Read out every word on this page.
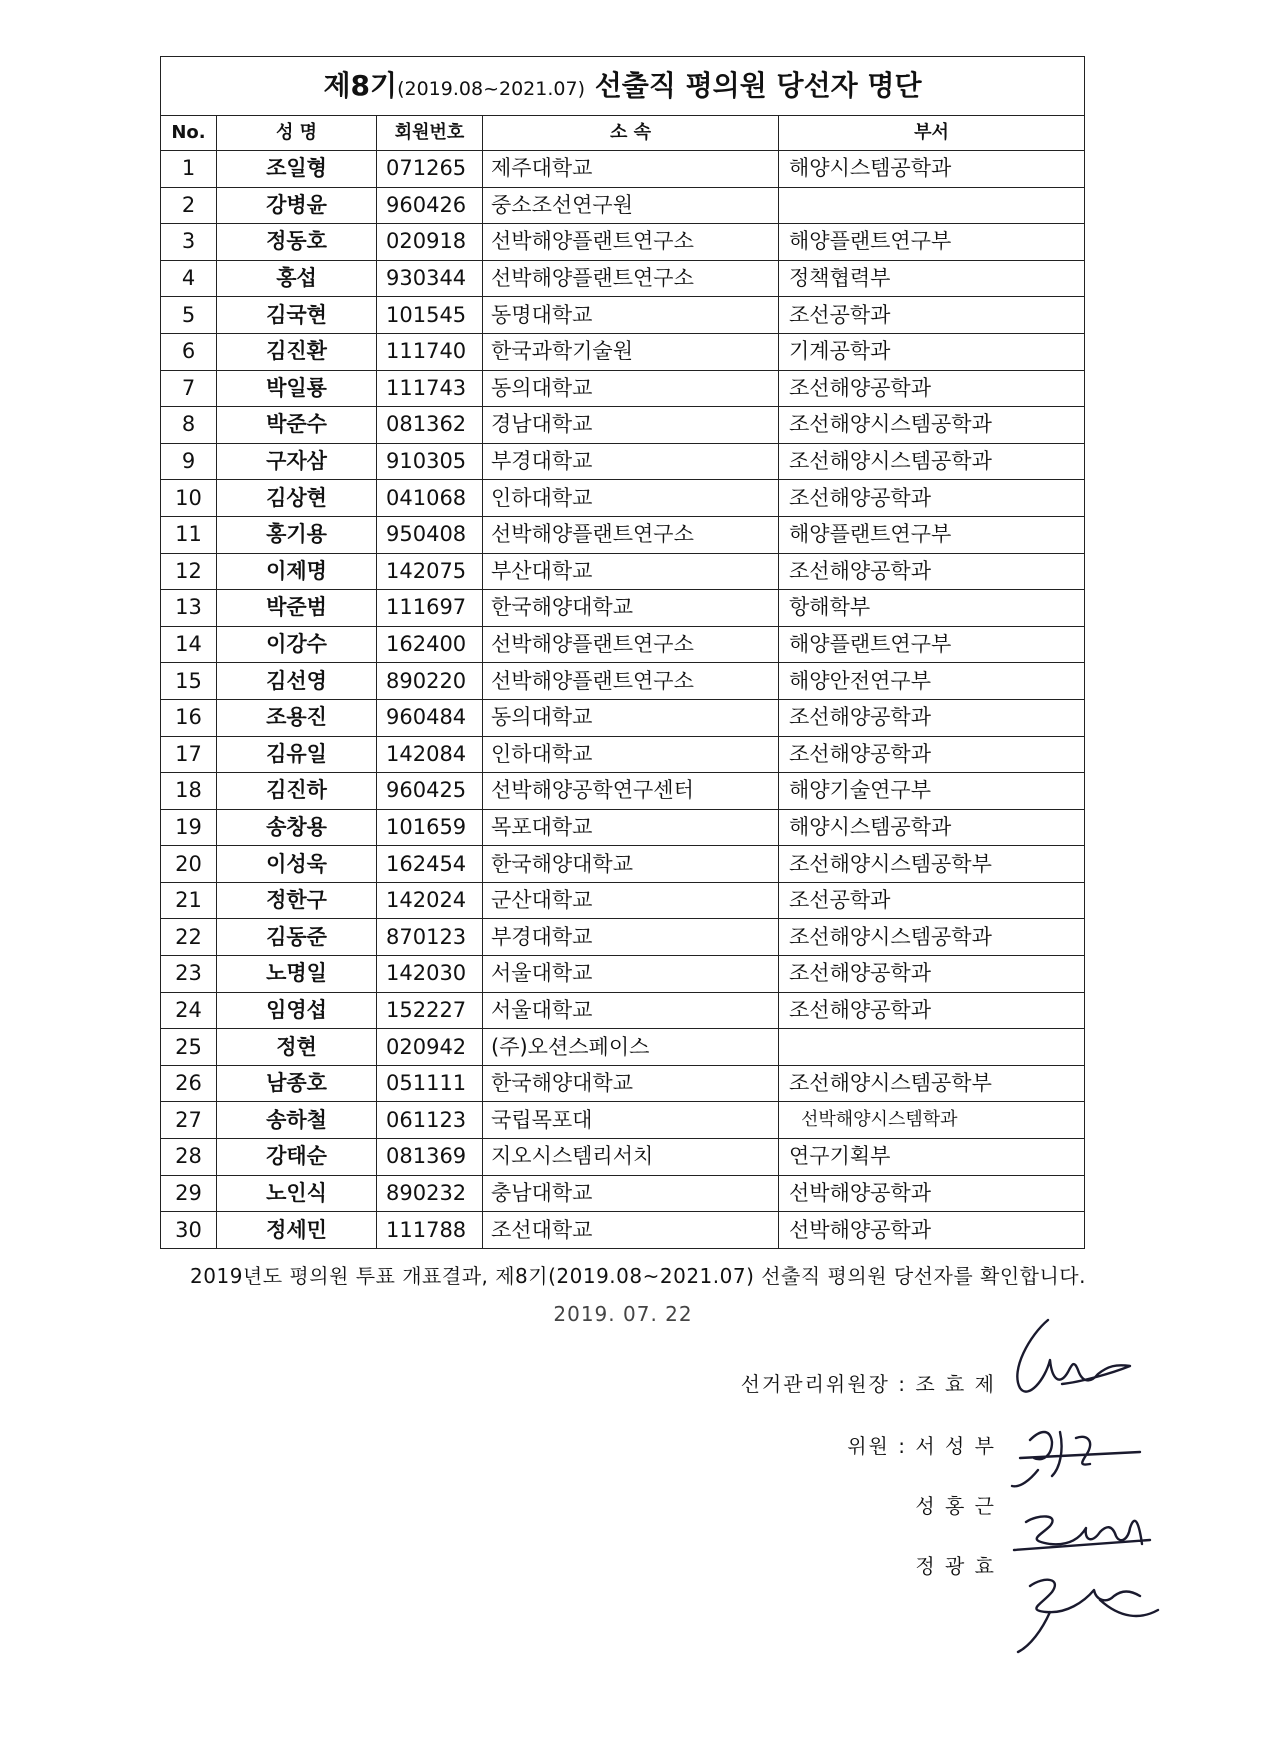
제8기(2019.08~2021.07) 선출직 평의원 당선자 명단				
No.	성 명	회원번호	소 속	부서
1	조일형	071265	제주대학교	해양시스템공학과
2	강병윤	960426	중소조선연구원	
3	정동호	020918	선박해양플랜트연구소	해양플랜트연구부
4	홍섭	930344	선박해양플랜트연구소	정책협력부
5	김국현	101545	동명대학교	조선공학과
6	김진환	111740	한국과학기술원	기계공학과
7	박일룡	111743	동의대학교	조선해양공학과
8	박준수	081362	경남대학교	조선해양시스템공학과
9	구자삼	910305	부경대학교	조선해양시스템공학과
10	김상현	041068	인하대학교	조선해양공학과
11	홍기용	950408	선박해양플랜트연구소	해양플랜트연구부
12	이제명	142075	부산대학교	조선해양공학과
13	박준범	111697	한국해양대학교	항해학부
14	이강수	162400	선박해양플랜트연구소	해양플랜트연구부
15	김선영	890220	선박해양플랜트연구소	해양안전연구부
16	조용진	960484	동의대학교	조선해양공학과
17	김유일	142084	인하대학교	조선해양공학과
18	김진하	960425	선박해양공학연구센터	해양기술연구부
19	송창용	101659	목포대학교	해양시스템공학과
20	이성욱	162454	한국해양대학교	조선해양시스템공학부
21	정한구	142024	군산대학교	조선공학과
22	김동준	870123	부경대학교	조선해양시스템공학과
23	노명일	142030	서울대학교	조선해양공학과
24	임영섭	152227	서울대학교	조선해양공학과
25	정현	020942	(주)오션스페이스	
26	남종호	051111	한국해양대학교	조선해양시스템공학부
27	송하철	061123	국립목포대	선박해양시스템학과
28	강태순	081369	지오시스템리서치	연구기획부
29	노인식	890232	충남대학교	선박해양공학과
30	정세민	111788	조선대학교	선박해양공학과
2019년도 평의원 투표 개표결과, 제8기(2019.08~2021.07) 선출직 평의원 당선자를 확인합니다.
2019. 07. 22
선거관리위원장 : 조 효 제
위원 : 서 성 부
성 홍 근
정 광 효
